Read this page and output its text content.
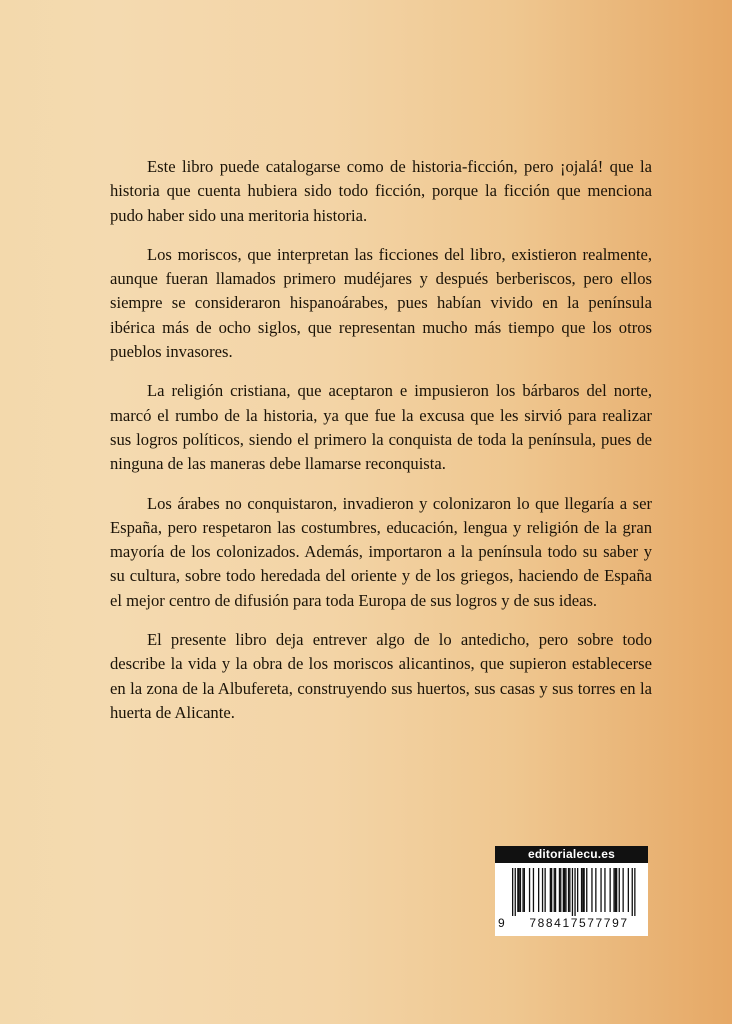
Este libro puede catalogarse como de historia-ficción, pero ¡ojalá! que la historia que cuenta hubiera sido todo ficción, porque la ficción que menciona pudo haber sido una meritoria historia.

Los moriscos, que interpretan las ficciones del libro, existieron realmente, aunque fueran llamados primero mudéjares y después berberiscos, pero ellos siempre se consideraron hispanoárabes, pues habían vivido en la península ibérica más de ocho siglos, que representan mucho más tiempo que los otros pueblos invasores.

La religión cristiana, que aceptaron e impusieron los bárbaros del norte, marcó el rumbo de la historia, ya que fue la excusa que les sirvió para realizar sus logros políticos, siendo el primero la conquista de toda la península, pues de ninguna de las maneras debe llamarse reconquista.

Los árabes no conquistaron, invadieron y colonizaron lo que llegaría a ser España, pero respetaron las costumbres, educación, lengua y religión de la gran mayoría de los colonizados. Además, importaron a la península todo su saber y su cultura, sobre todo heredada del oriente y de los griegos, haciendo de España el mejor centro de difusión para toda Europa de sus logros y de sus ideas.

El presente libro deja entrever algo de lo antedicho, pero sobre todo describe la vida y la obra de los moriscos alicantinos, que supieron establecerse en la zona de la Albufereta, construyendo sus huertos, sus casas y sus torres en la huerta de Alicante.

editorialecu.es
9	788417577797
